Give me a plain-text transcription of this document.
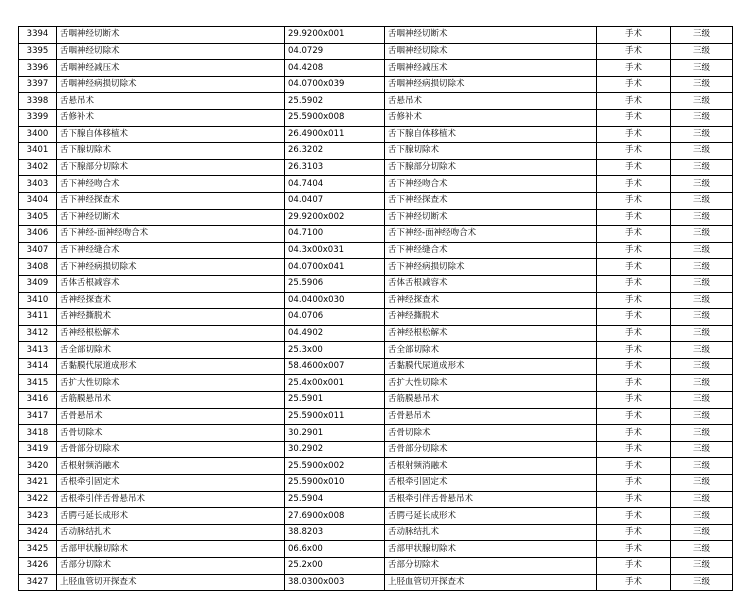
3394	舌咽神经切断术	29.9200x001	舌咽神经切断术	手术	三级
3395	舌咽神经切除术	04.0729	舌咽神经切除术	手术	三级
3396	舌咽神经减压术	04.4208	舌咽神经减压术	手术	三级
3397	舌咽神经病损切除术	04.0700x039	舌咽神经病损切除术	手术	三级
3398	舌悬吊术	25.5902	舌悬吊术	手术	三级
3399	舌修补术	25.5900x008	舌修补术	手术	三级
3400	舌下腺自体移植术	26.4900x011	舌下腺自体移植术	手术	三级
3401	舌下腺切除术	26.3202	舌下腺切除术	手术	三级
3402	舌下腺部分切除术	26.3103	舌下腺部分切除术	手术	三级
3403	舌下神经吻合术	04.7404	舌下神经吻合术	手术	三级
3404	舌下神经探查术	04.0407	舌下神经探查术	手术	三级
3405	舌下神经切断术	29.9200x002	舌下神经切断术	手术	三级
3406	舌下神经-面神经吻合术	04.7100	舌下神经-面神经吻合术	手术	三级
3407	舌下神经缝合术	04.3x00x031	舌下神经缝合术	手术	三级
3408	舌下神经病损切除术	04.0700x041	舌下神经病损切除术	手术	三级
3409	舌体舌根减容术	25.5906	舌体舌根减容术	手术	三级
3410	舌神经探查术	04.0400x030	舌神经探查术	手术	三级
3411	舌神经撕脱术	04.0706	舌神经撕脱术	手术	三级
3412	舌神经根松解术	04.4902	舌神经根松解术	手术	三级
3413	舌全部切除术	25.3x00	舌全部切除术	手术	三级
3414	舌黏膜代尿道成形术	58.4600x007	舌黏膜代尿道成形术	手术	三级
3415	舌扩大性切除术	25.4x00x001	舌扩大性切除术	手术	三级
3416	舌筋膜悬吊术	25.5901	舌筋膜悬吊术	手术	三级
3417	舌骨悬吊术	25.5900x011	舌骨悬吊术	手术	三级
3418	舌骨切除术	30.2901	舌骨切除术	手术	三级
3419	舌骨部分切除术	30.2902	舌骨部分切除术	手术	三级
3420	舌根射频消融术	25.5900x002	舌根射频消融术	手术	三级
3421	舌根牵引固定术	25.5900x010	舌根牵引固定术	手术	三级
3422	舌根牵引伴舌骨悬吊术	25.5904	舌根牵引伴舌骨悬吊术	手术	三级
3423	舌腭弓延长成形术	27.6900x008	舌腭弓延长成形术	手术	三级
3424	舌动脉结扎术	38.8203	舌动脉结扎术	手术	三级
3425	舌部甲状腺切除术	06.6x00	舌部甲状腺切除术	手术	三级
3426	舌部分切除术	25.2x00	舌部分切除术	手术	三级
3427	上胫血管切开探查术	38.0300x003	上胫血管切开探查术	手术	三级
